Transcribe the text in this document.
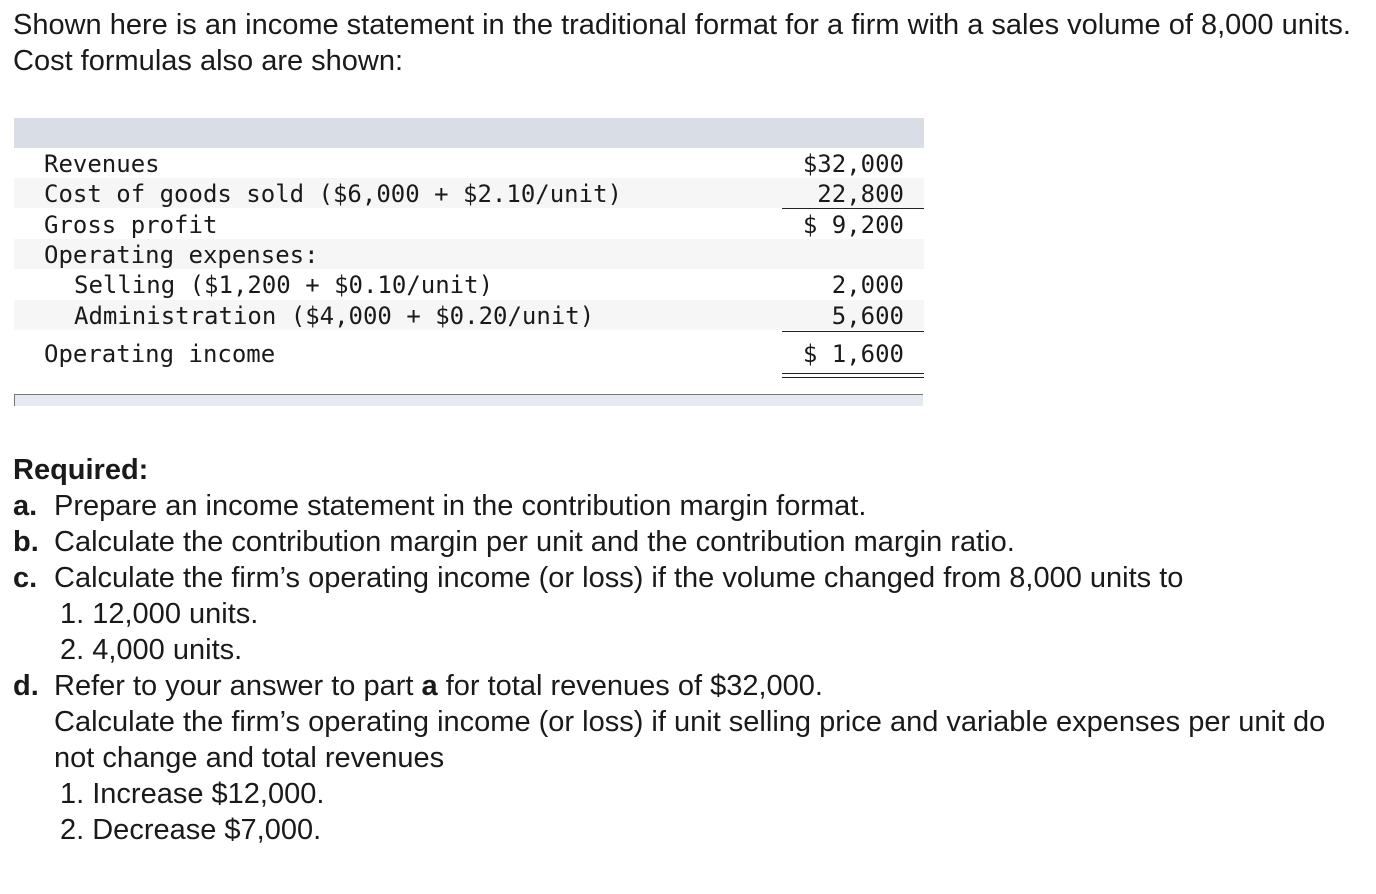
Shown here is an income statement in the traditional format for a firm with a sales volume of 8,000 units. Cost formulas also are shown:
Revenues	$32,000
Cost of goods sold ($6,000 + $2.10/unit)	22,800
Gross profit	$ 9,200
Operating expenses:
Selling ($1,200 + $0.10/unit)	2,000
Administration ($4,000 + $0.20/unit)	5,600
Operating income	$ 1,600
Required:
a. Prepare an income statement in the contribution margin format.
b. Calculate the contribution margin per unit and the contribution margin ratio.
c. Calculate the firm’s operating income (or loss) if the volume changed from 8,000 units to
1. 12,000 units.
2. 4,000 units.
d. Refer to your answer to part a for total revenues of $32,000.
Calculate the firm’s operating income (or loss) if unit selling price and variable expenses per unit do not change and total revenues
1. Increase $12,000.
2. Decrease $7,000.
